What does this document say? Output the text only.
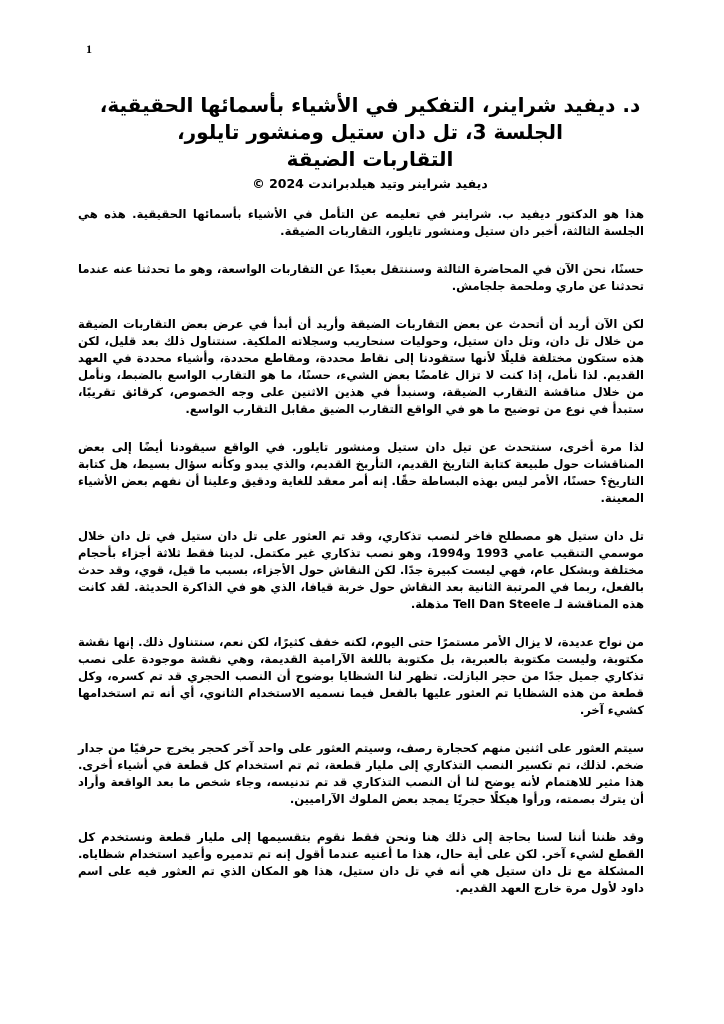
1
د. ديفيد شراينر، التفكير في الأشياء بأسمائها الحقيقية،
الجلسة 3، تل دان ستيل ومنشور تايلور،
التقاربات الضيقة
ديفيد شراينر وتيد هيلدبراندت 2024 ©

هذا هو الدكتور ديفيد ب. شراينر في تعليمه عن التأمل في الأشياء بأسمائها الحقيقية. هذه هي الجلسة الثالثة، أخبر دان ستيل ومنشور تايلور، التقاربات الضيقة.

حسنًا، نحن الآن في المحاضرة الثالثة وسننتقل بعيدًا عن التقاربات الواسعة، وهو ما تحدثنا عنه عندما تحدثنا عن ماري وملحمة جلجامش.

لكن الآن أريد أن أتحدث عن بعض التقاربات الضيقة وأريد أن أبدأ في عرض بعض التقاربات الضيقة من خلال تل دان، وتل دان ستيل، وحوليات سنحاريب وسجلاته الملكية. سنتناول ذلك بعد قليل، لكن هذه ستكون مختلفة قليلًا لأنها ستقودنا إلى نقاط محددة، ومقاطع محددة، وأشياء محددة في العهد القديم. لذا نأمل، إذا كنت لا تزال غامضًا بعض الشيء، حسنًا، ما هو التقارب الواسع بالضبط، ونأمل من خلال مناقشة التقارب الضيقة، وسنبدأ في هذين الاثنين على وجه الخصوص، كرقائق تقريبًا، ستبدأ في نوع من توضيح ما هو في الواقع التقارب الضيق مقابل التقارب الواسع.

لذا مرة أخرى، سنتحدث عن تيل دان ستيل ومنشور تايلور. في الواقع سيقودنا أيضًا إلى بعض المناقشات حول طبيعة كتابة التاريخ القديم، التأريخ القديم، والذي يبدو وكأنه سؤال بسيط، هل كتابة التاريخ؟ حسنًا، الأمر ليس بهذه البساطة حقًا. إنه أمر معقد للغاية ودقيق وعلينا أن نفهم بعض الأشياء المعينة.

تل دان ستيل هو مصطلح فاخر لنصب تذكاري، وقد تم العثور على تل دان ستيل في تل دان خلال موسمي التنقيب عامي 1993 و1994، وهو نصب تذكاري غير مكتمل. لدينا فقط ثلاثة أجزاء بأحجام مختلفة وبشكل عام، فهي ليست كبيرة جدًا. لكن النقاش حول الأجزاء، بسبب ما قيل، قوي، وقد حدث بالفعل، ربما في المرتبة الثانية بعد النقاش حول خربة قيافا، الذي هو في الذاكرة الحديثة. لقد كانت هذه المناقشة لـ Tell Dan Steele مذهلة.

من نواح عديدة، لا يزال الأمر مستمرًا حتى اليوم، لكنه خفف كثيرًا، لكن نعم، سنتناول ذلك. إنها نقشة مكتوبة، وليست مكتوبة بالعبرية، بل مكتوبة باللغة الآرامية القديمة، وهي نقشة موجودة على نصب تذكاري جميل جدًا من حجر البازلت. تظهر لنا الشظايا بوضوح أن النصب الحجري قد تم كسره، وكل قطعة من هذه الشظايا تم العثور عليها بالفعل فيما نسميه الاستخدام الثانوي، أي أنه تم استخدامها كشيء آخر.

سيتم العثور على اثنين منهم كحجارة رصف، وسيتم العثور على واحد آخر كحجر يخرج حرفيًا من جدار ضخم. لذلك، تم تكسير النصب التذكاري إلى مليار قطعة، ثم تم استخدام كل قطعة في أشياء أخرى. هذا مثير للاهتمام لأنه يوضح لنا أن النصب التذكاري قد تم تدنيسه، وجاء شخص ما بعد الواقعة وأراد أن يترك بصمته، ورأوا هيكلًا حجريًا يمجد بعض الملوك الآراميين.

وقد ظننا أننا لسنا بحاجة إلى ذلك هنا ونحن فقط نقوم بتقسيمها إلى مليار قطعة ونستخدم كل القطع لشيء آخر. لكن على أية حال، هذا ما أعنيه عندما أقول إنه تم تدميره وأعيد استخدام شظاياه. المشكلة مع تل دان ستيل هي أنه في تل دان ستيل، هذا هو المكان الذي تم العثور فيه على اسم داود لأول مرة خارج العهد القديم.
